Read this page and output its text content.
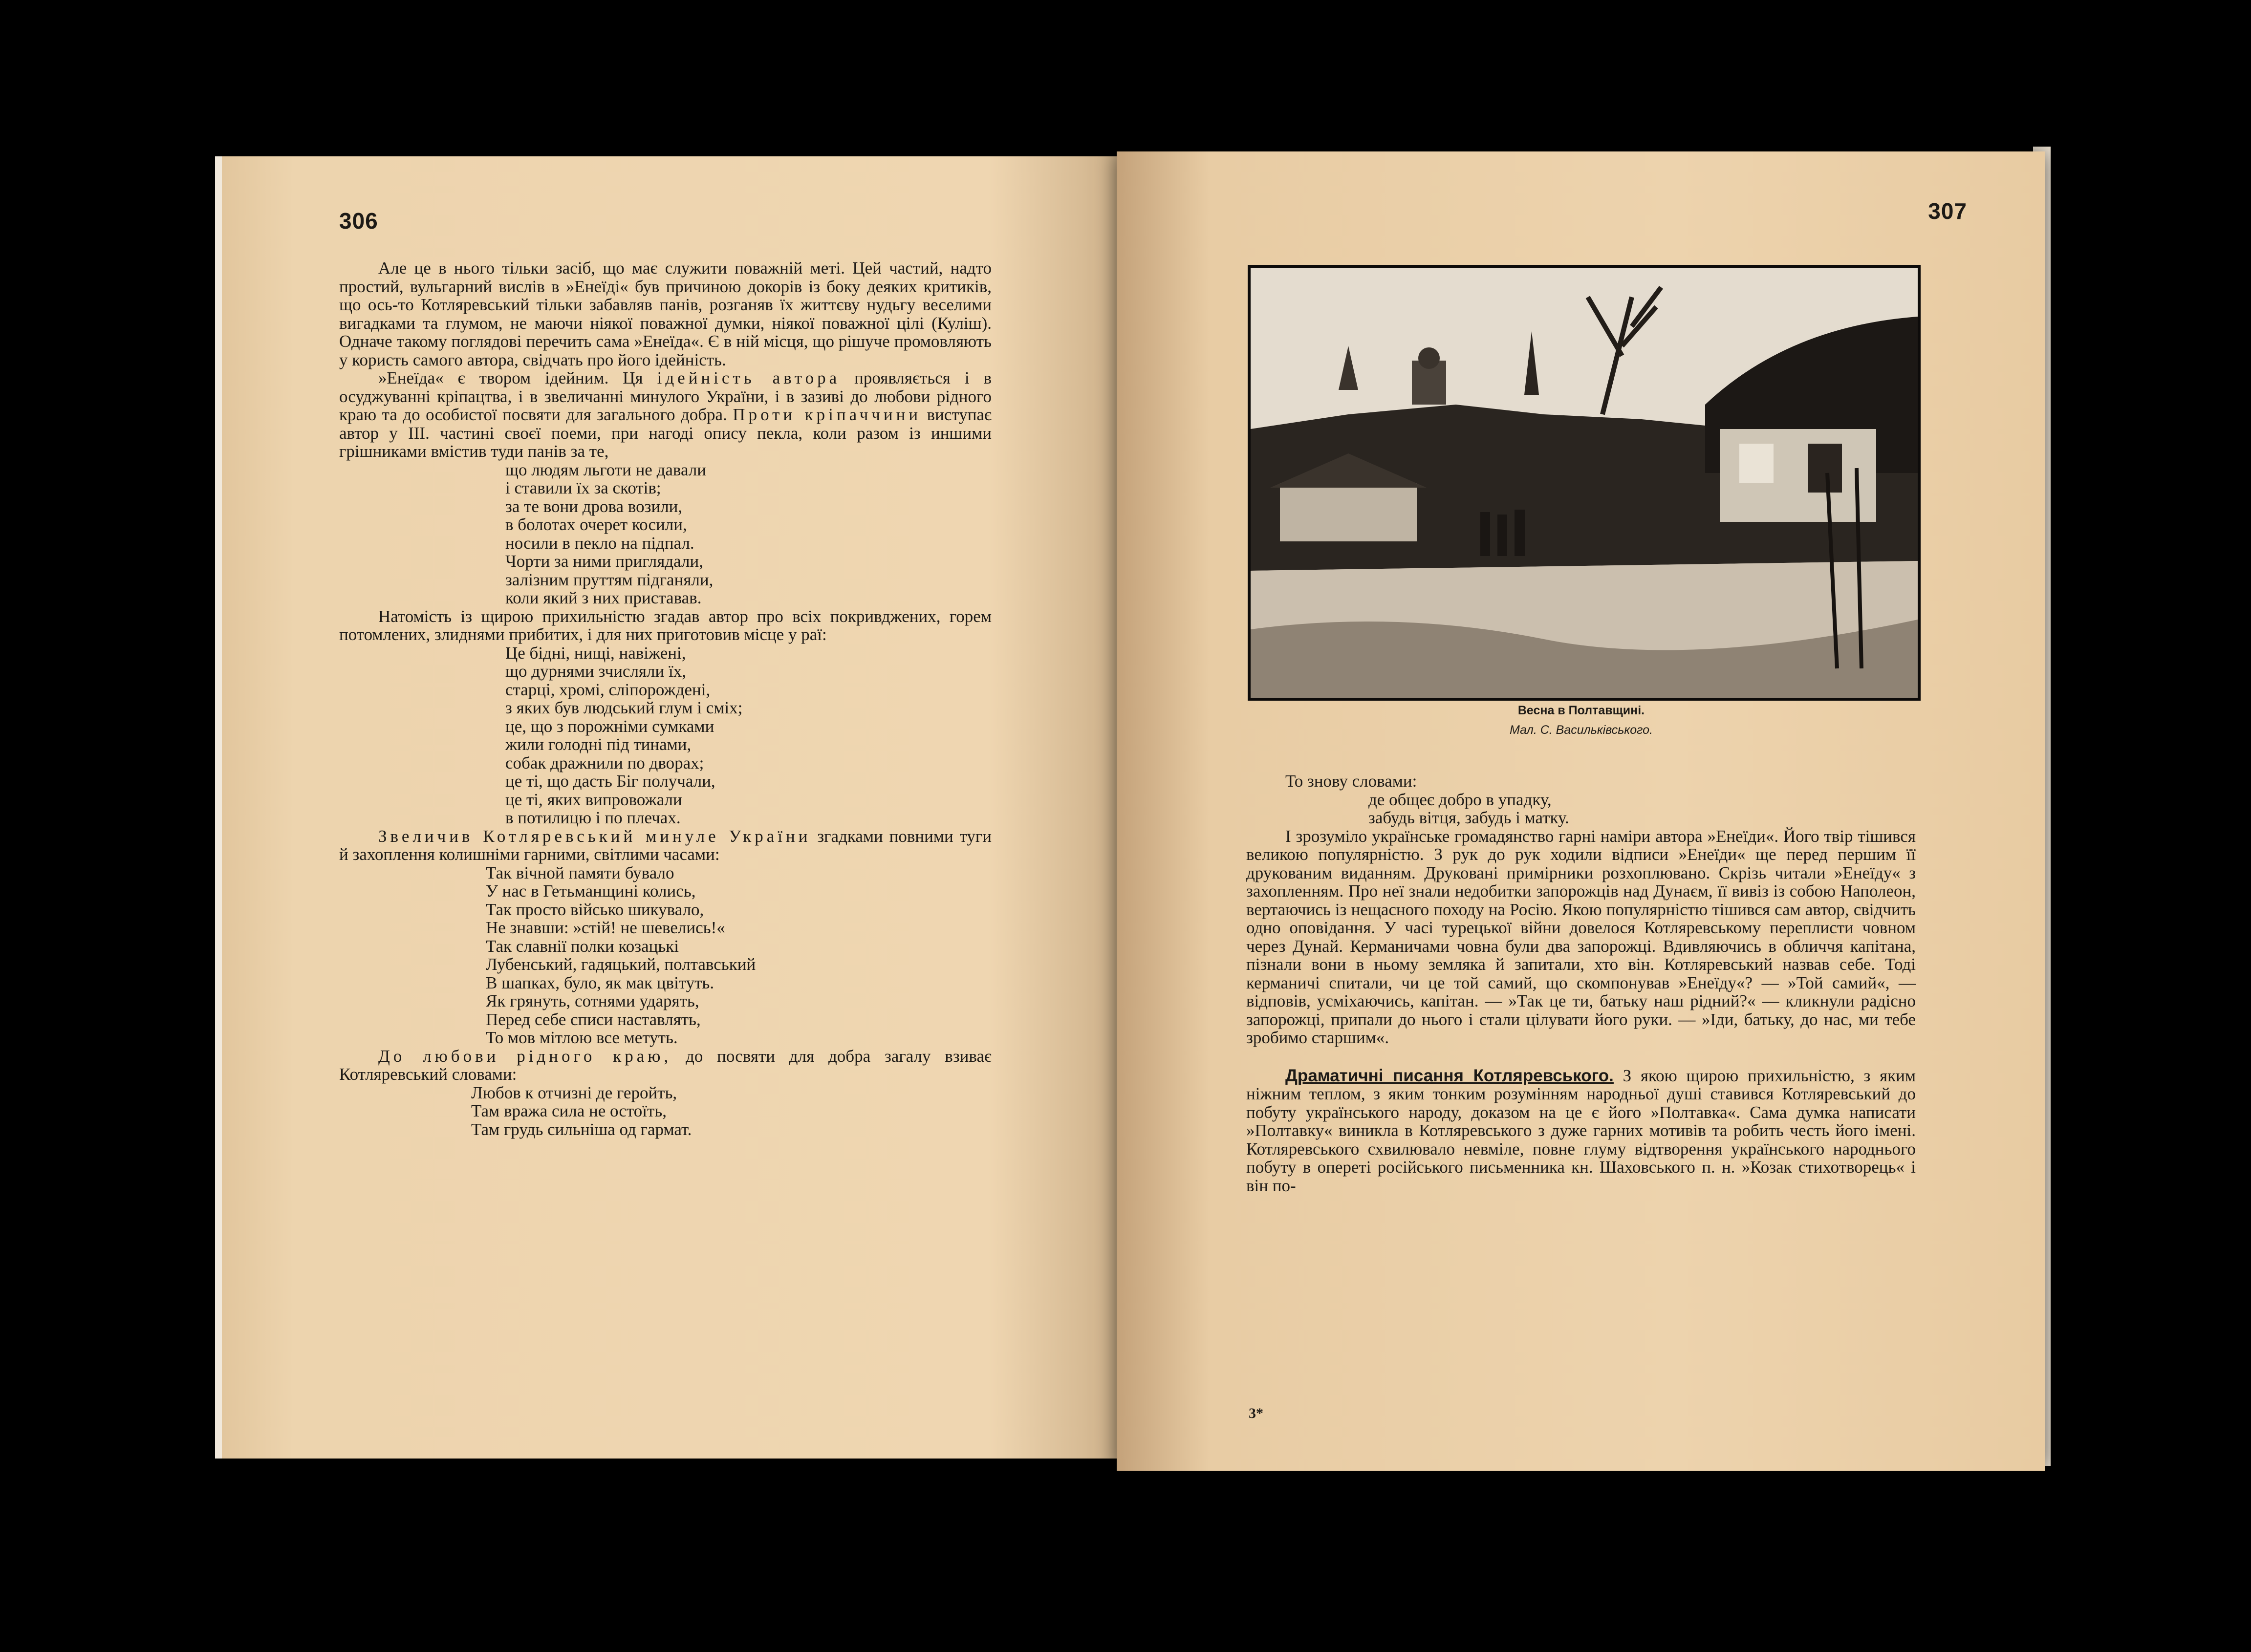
306

Але це в нього тільки засіб, що має служити поважній меті. Цей частий, надто простий, вульгарний вислів в »Енеїді« був причиною докорів із боку деяких критиків, що ось-то Котляревський тільки забавляв панів, розганяв їх життєву нудьгу веселими вигадками та глумом, не маючи ніякої поважної думки, ніякої поважної цілі (Куліш). Одначе такому поглядові перечить сама »Енеїда«. Є в ній місця, що рішуче промовляють у користь самого автора, свідчать про його ідейність.

»Енеїда« є твором ідейним. Ця ідейність автора проявляється і в осуджуванні кріпацтва, і в звеличанні минулого України, і в зазиві до любови рідного краю та до особистої посвяти для загального добра. Проти кріпаччини виступає автор у III. частині своєї поеми, при нагоді опису пекла, коли разом із иншими грішниками вмістив туди панів за те,

що людям льготи не давали
і ставили їх за скотів;
за те вони дрова возили,
в болотах очерет косили,
носили в пекло на підпал.
Чорти за ними приглядали,
залізним пруттям підганяли,
коли який з них приставав.

Натомість із щирою прихильністю згадав автор про всіх покривджених, горем потомлених, злиднями прибитих, і для них приготовив місце у раї:

Це бідні, нищі, навіжені,
що дурнями зчисляли їх,
старці, хромі, сліпорождені,
з яких був людський глум і сміх;
це, що з порожніми сумками
жили голодні під тинами,
собак дражнили по дворах;
це ті, що дасть Біг получали,
це ті, яких випровожали
в потилицю і по плечах.

Звеличив Котляревський минуле України згадками повними туги й захоплення колишніми гарними, світлими часами:

Так вічной памяти бувало
У нас в Гетьманщині колись,
Так просто військо шикувало,
Не знавши: »стій! не шевелись!«
Так славнії полки козацькі
Лубенський, гадяцький, полтавський
В шапках, було, як мак цвітуть.
Як грянуть, сотнями ударять,
Перед себе списи наставлять,
То мов мітлою все метуть.

До любови рідного краю, до посвяти для добра загалу взиває Котляревський словами:

Любов к отчизні де геройть,
Там вража сила не остоїть,
Там грудь сильніша од гармат.
307
Весна в Полтавщині.
Мал. С. Васильківського.

То знову словами:

де общеє добро в упадку,
забудь вітця, забудь і матку.

І зрозуміло українське громадянство гарні наміри автора »Енеїди«. Його твір тішився великою популярністю. З рук до рук ходили відписи »Енеїди« ще перед першим її друкованим виданням. Друковані примірники розхоплювано. Скрізь читали »Енеїду« з захопленням. Про неї знали недобитки запорожців над Дунаєм, її вивіз із собою Наполеон, вертаючись із нещасного походу на Росію. Якою популярністю тішився сам автор, свідчить одно оповідання. У часі турецької війни довелося Котляревському переплисти човном через Дунай. Керманичами човна були два запорожці. Вдивляючись в обличчя капітана, пізнали вони в ньому земляка й запитали, хто він. Котляревський назвав себе. Тоді керманичі спитали, чи це той самий, що скомпонував »Енеїду«? — »Той самий«, — відповів, усміхаючись, капітан. — »Так це ти, батьку наш рідний?« — кликнули радісно запорожці, припали до нього і стали цілувати його руки. — »Іди, батьку, до нас, ми тебе зробимо старшим«.

Драматичні писання Котляревського. З якою щирою прихильністю, з яким ніжним теплом, з яким тонким розумінням народньої душі ставився Котляревський до побуту українського народу, доказом на це є його »Полтавка«. Сама думка написати »Полтавку« виникла в Котляревського з дуже гарних мотивів та робить честь його імені. Котляревського схвилювало невміле, повне глуму відтворення українського народнього побуту в опереті російського письменника кн. Шаховського п. н. »Козак стихотворець« і він по-

3*
